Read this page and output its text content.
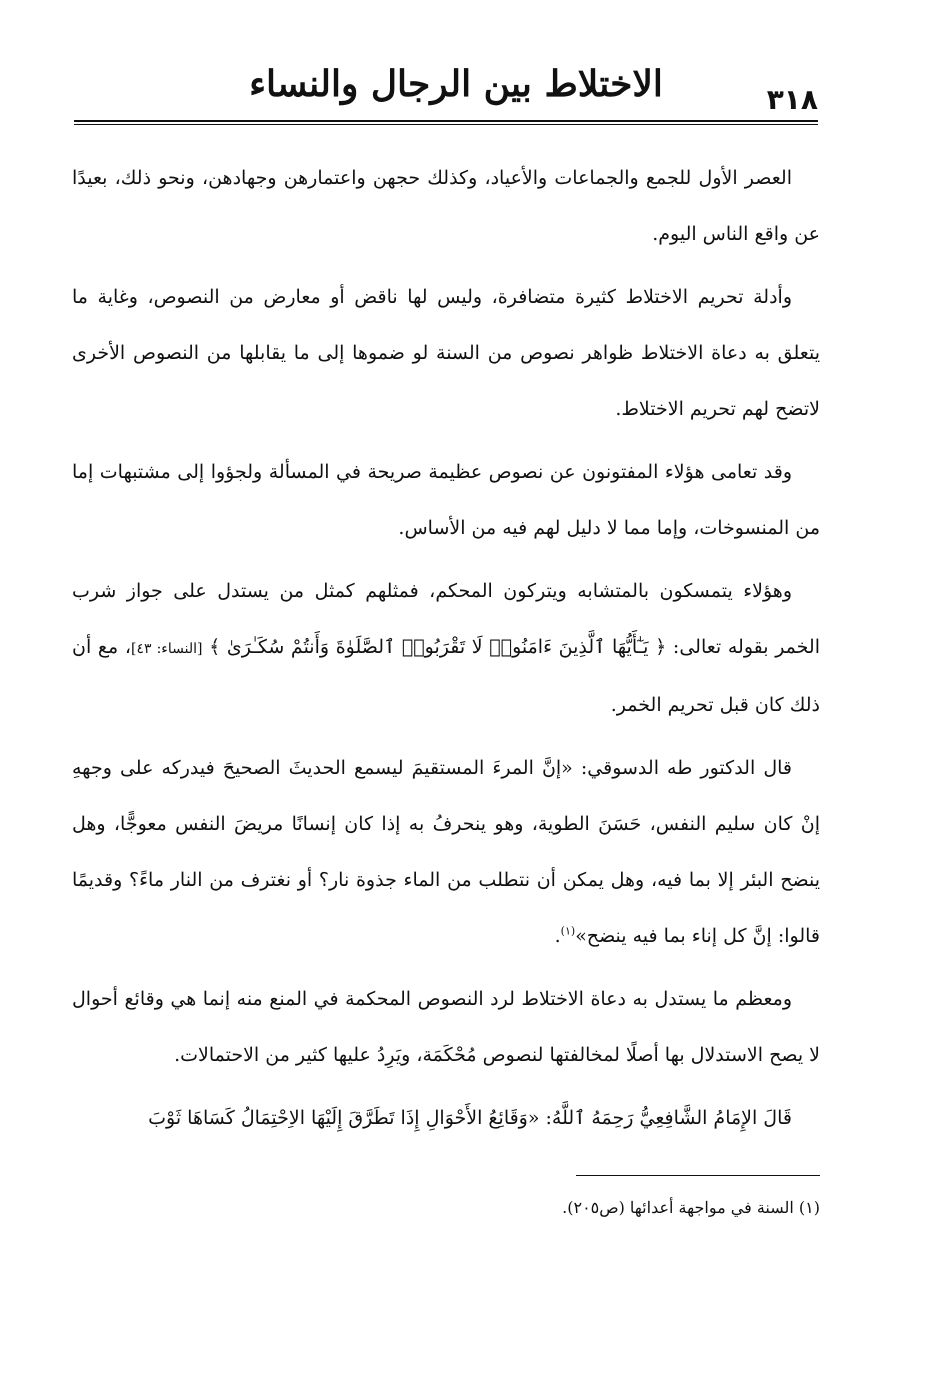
الاختلاط بين الرجال والنساء	٣١٨

العصر الأول للجمع والجماعات والأعياد، وكذلك حجهن واعتمارهن وجهادهن، ونحو ذلك، بعيدًا عن واقع الناس اليوم.

وأدلة تحريم الاختلاط كثيرة متضافرة، وليس لها ناقض أو معارض من النصوص، وغاية ما يتعلق به دعاة الاختلاط ظواهر نصوص من السنة لو ضموها إلى ما يقابلها من النصوص الأخرى لاتضح لهم تحريم الاختلاط.

وقد تعامى هؤلاء المفتونون عن نصوص عظيمة صريحة في المسألة ولجؤوا إلى مشتبهات إما من المنسوخات، وإما مما لا دليل لهم فيه من الأساس.

وهؤلاء يتمسكون بالمتشابه ويتركون المحكم، فمثلهم كمثل من يستدل على جواز شرب الخمر بقوله تعالى: ﴿ يَـٰٓأَيُّهَا ٱلَّذِينَ ءَامَنُوا۟ لَا تَقْرَبُوا۟ ٱلصَّلَوٰةَ وَأَنتُمْ سُكَـٰرَىٰ ﴾ [النساء: ٤٣]، مع أن ذلك كان قبل تحريم الخمر.

قال الدكتور طه الدسوقي: «إنَّ المرءَ المستقيمَ ليسمع الحديثَ الصحيحَ فيدركه على وجههِ إنْ كان سليم النفس، حَسَنَ الطوية، وهو ينحرفُ به إذا كان إنسانًا مريضَ النفس معوجًّا، وهل ينضح البئر إلا بما فيه، وهل يمكن أن نتطلب من الماء جذوة نار؟ أو نغترف من النار ماءً؟ وقديمًا قالوا: إنَّ كل إناء بما فيه ينضح»$^{(١)}$.

ومعظم ما يستدل به دعاة الاختلاط لرد النصوص المحكمة في المنع منه إنما هي وقائع أحوال لا يصح الاستدلال بها أصلًا لمخالفتها لنصوص مُحْكَمَة، ويَرِدُ عليها كثير من الاحتمالات.

قَالَ الإِمَامُ الشَّافِعِيُّ رَحِمَهُ ٱللَّهُ: «وَقَائِعُ الأَحْوَالِ إِذَا تَطَرَّقَ إِلَيْهَا الاِحْتِمَالُ كَسَاهَا ثَوْبَ

(١) السنة في مواجهة أعدائها (ص٢٠٥).
